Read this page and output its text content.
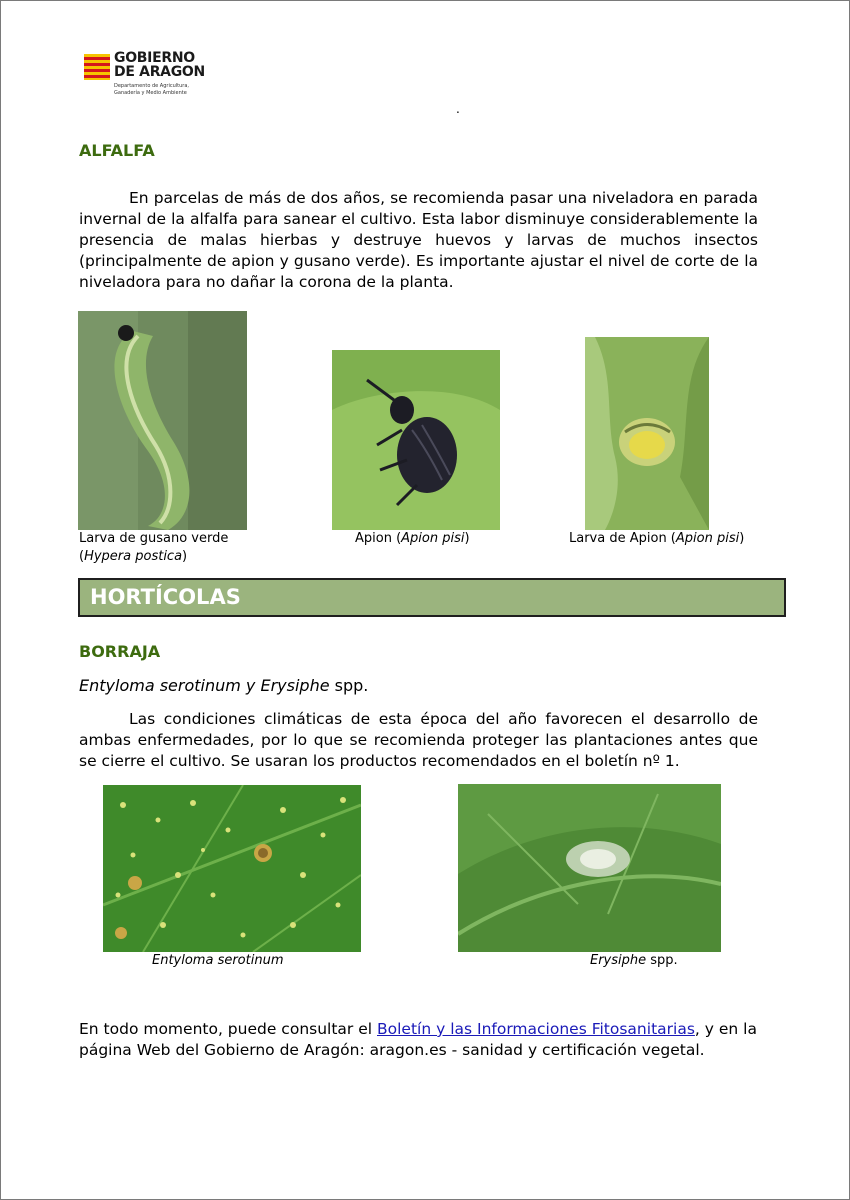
GOBIERNO
DE ARAGON
Departamento de Agricultura,
Ganadería y Medio Ambiente
.
ALFALFA
En parcelas de más de dos años, se recomienda pasar una niveladora en parada invernal de la alfalfa para sanear el cultivo. Esta labor disminuye considerablemente la presencia de malas hierbas y destruye huevos y larvas de muchos insectos (principalmente de apion y gusano verde). Es importante ajustar el nivel de corte de la niveladora para no dañar la corona de la planta.
Larva de gusano verde
(Hypera postica)
Apion (Apion pisi)	Larva de Apion (Apion pisi)
HORTÍCOLAS
BORRAJA
Entyloma serotinum y Erysiphe spp.
Las condiciones climáticas de esta época del año favorecen el desarrollo de ambas enfermedades, por lo que se recomienda proteger las plantaciones antes que se cierre el cultivo. Se usaran los productos recomendados en el boletín nº 1.
Entyloma serotinum	Erysiphe spp.
En todo momento, puede consultar el Boletín y las Informaciones Fitosanitarias, y en la página Web del Gobierno de Aragón: aragon.es - sanidad y certificación vegetal.
